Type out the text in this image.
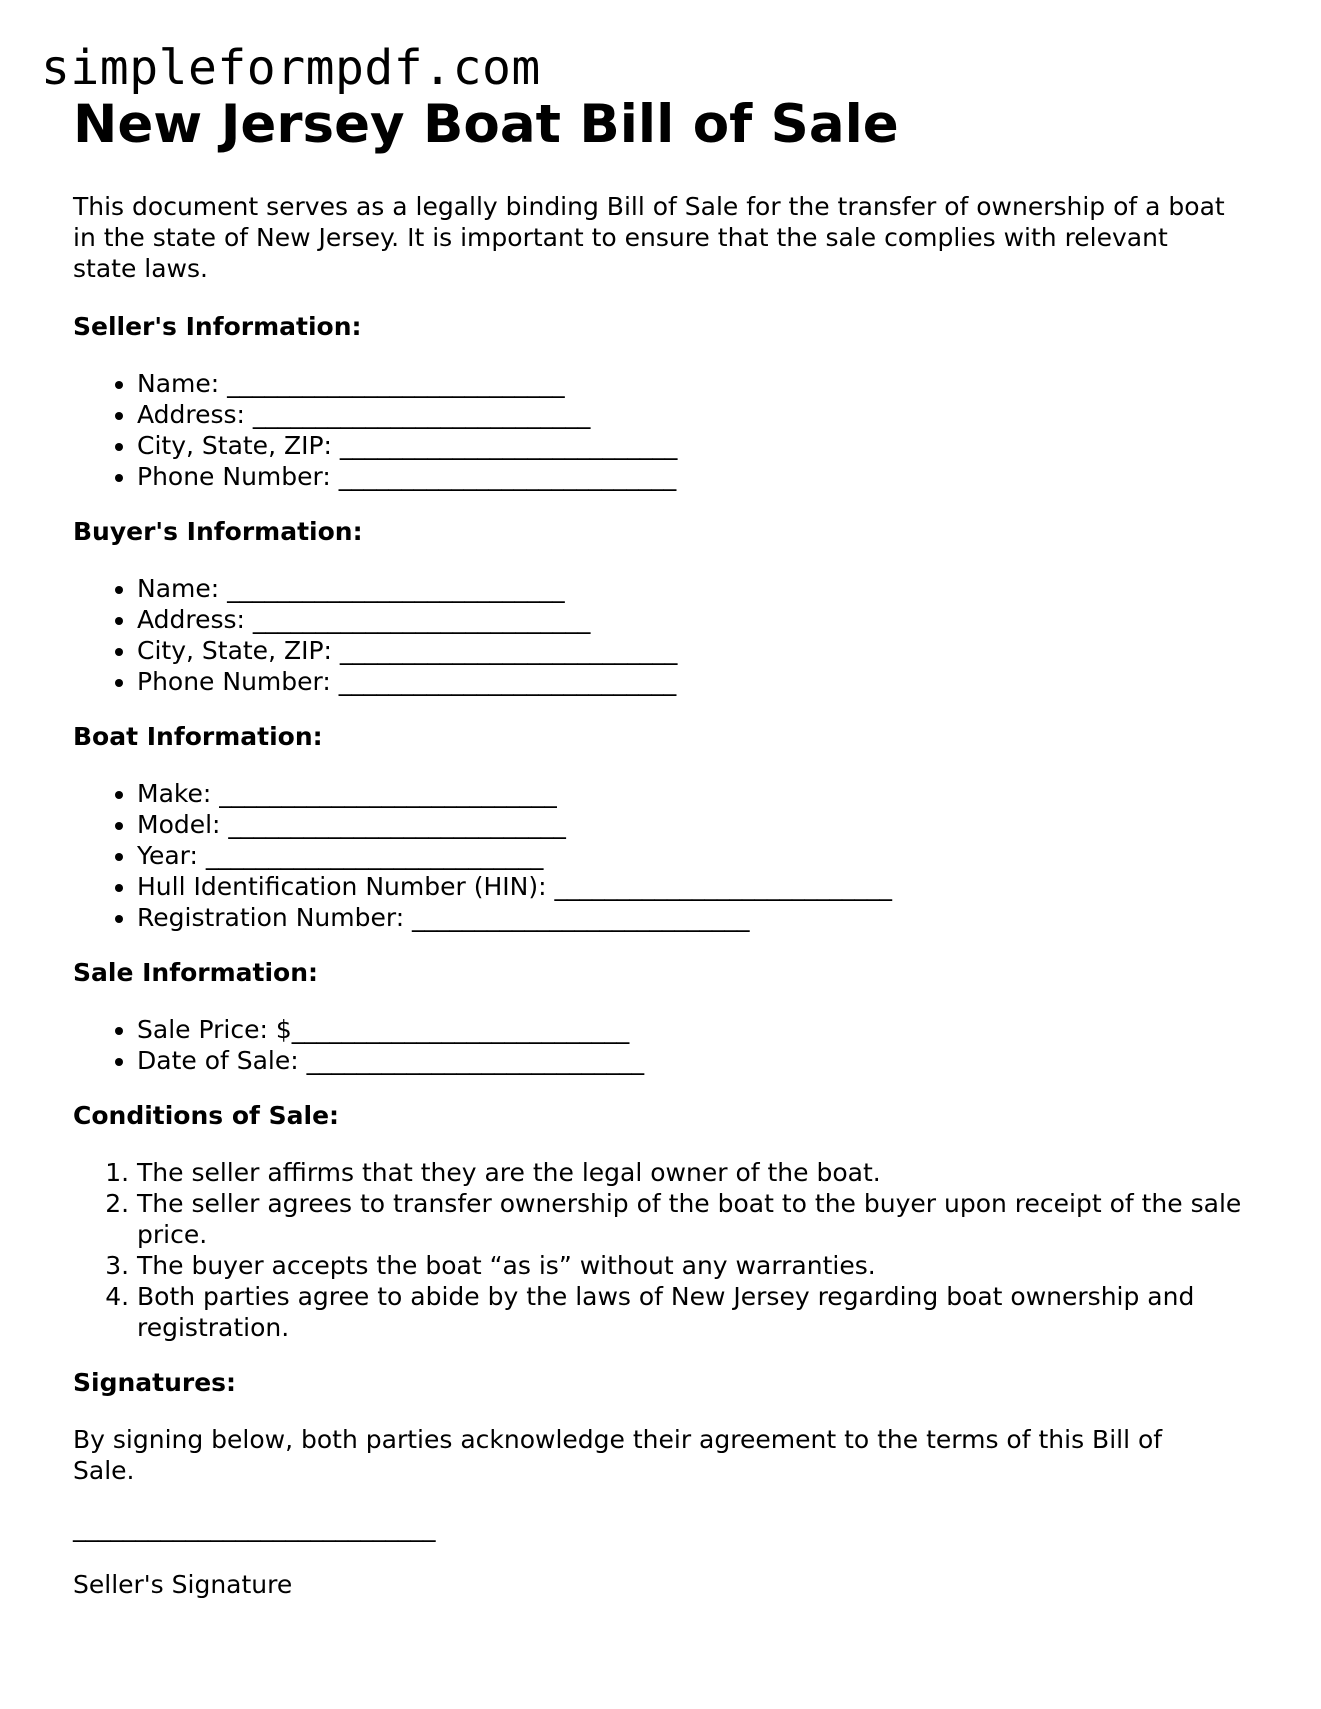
simpleformpdf.com
New Jersey Boat Bill of Sale

This document serves as a legally binding Bill of Sale for the transfer of ownership of a boat in the state of New Jersey. It is important to ensure that the sale complies with relevant state laws.

Seller's Information:
• Name: ___________________________
• Address: ___________________________
• City, State, ZIP: ___________________________
• Phone Number: ___________________________
Buyer's Information:
• Name: ___________________________
• Address: ___________________________
• City, State, ZIP: ___________________________
• Phone Number: ___________________________
Boat Information:
• Make: ___________________________
• Model: ___________________________
• Year: ___________________________
• Hull Identification Number (HIN): ___________________________
• Registration Number: ___________________________
Sale Information:
• Sale Price: $___________________________
• Date of Sale: ___________________________
Conditions of Sale:
1. The seller affirms that they are the legal owner of the boat.
2. The seller agrees to transfer ownership of the boat to the buyer upon receipt of the sale price.
3. The buyer accepts the boat “as is” without any warranties.
4. Both parties agree to abide by the laws of New Jersey regarding boat ownership and registration.
Signatures:

By signing below, both parties acknowledge their agreement to the terms of this Bill of Sale.

_____________________________
Seller's Signature
